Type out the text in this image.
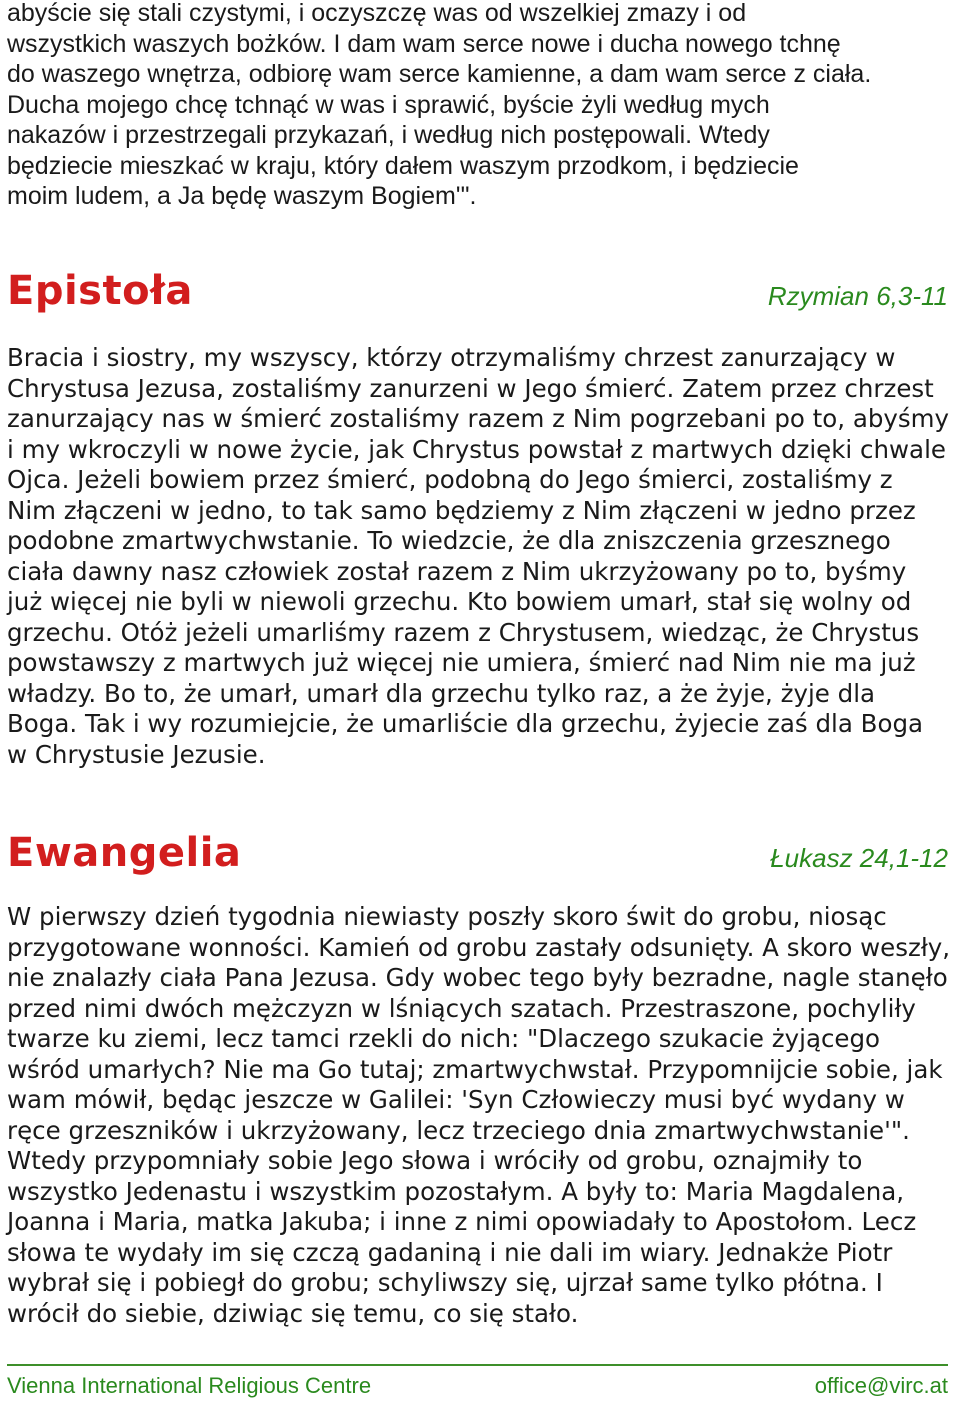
abyście się stali czystymi, i oczyszczę was od wszelkiej zmazy i od
wszystkich waszych bożków. I dam wam serce nowe i ducha nowego tchnę
do waszego wnętrza, odbiorę wam serce kamienne, a dam wam serce z ciała.
Ducha mojego chcę tchnąć w was i sprawić, byście żyli według mych
nakazów i przestrzegali przykazań, i według nich postępowali. Wtedy
będziecie mieszkać w kraju, który dałem waszym przodkom, i będziecie
moim ludem, a Ja będę waszym Bogiem'".
Epistoła	Rzymian 6,3-11
Bracia i siostry, my wszyscy, którzy otrzymaliśmy chrzest zanurzający w
Chrystusa Jezusa, zostaliśmy zanurzeni w Jego śmierć. Zatem przez chrzest
zanurzający nas w śmierć zostaliśmy razem z Nim pogrzebani po to, abyśmy
i my wkroczyli w nowe życie, jak Chrystus powstał z martwych dzięki chwale
Ojca. Jeżeli bowiem przez śmierć, podobną do Jego śmierci, zostaliśmy z
Nim złączeni w jedno, to tak samo będziemy z Nim złączeni w jedno przez
podobne zmartwychwstanie. To wiedzcie, że dla zniszczenia grzesznego
ciała dawny nasz człowiek został razem z Nim ukrzyżowany po to, byśmy
już więcej nie byli w niewoli grzechu. Kto bowiem umarł, stał się wolny od
grzechu. Otóż jeżeli umarliśmy razem z Chrystusem, wiedząc, że Chrystus
powstawszy z martwych już więcej nie umiera, śmierć nad Nim nie ma już
władzy. Bo to, że umarł, umarł dla grzechu tylko raz, a że żyje, żyje dla
Boga. Tak i wy rozumiejcie, że umarliście dla grzechu, żyjecie zaś dla Boga
w Chrystusie Jezusie.
Ewangelia	Łukasz 24,1-12
W pierwszy dzień tygodnia niewiasty poszły skoro świt do grobu, niosąc
przygotowane wonności. Kamień od grobu zastały odsunięty. A skoro weszły,
nie znalazły ciała Pana Jezusa. Gdy wobec tego były bezradne, nagle stanęło
przed nimi dwóch mężczyzn w lśniących szatach. Przestraszone, pochyliły
twarze ku ziemi, lecz tamci rzekli do nich: "Dlaczego szukacie żyjącego
wśród umarłych? Nie ma Go tutaj; zmartwychwstał. Przypomnijcie sobie, jak
wam mówił, będąc jeszcze w Galilei: 'Syn Człowieczy musi być wydany w
ręce grzeszników i ukrzyżowany, lecz trzeciego dnia zmartwychwstanie'".
Wtedy przypomniały sobie Jego słowa i wróciły od grobu, oznajmiły to
wszystko Jedenastu i wszystkim pozostałym. A były to: Maria Magdalena,
Joanna i Maria, matka Jakuba; i inne z nimi opowiadały to Apostołom. Lecz
słowa te wydały im się czczą gadaniną i nie dali im wiary. Jednakże Piotr
wybrał się i pobiegł do grobu; schyliwszy się, ujrzał same tylko płótna. I
wrócił do siebie, dziwiąc się temu, co się stało.
Vienna International Religious Centre	office@virc.at
